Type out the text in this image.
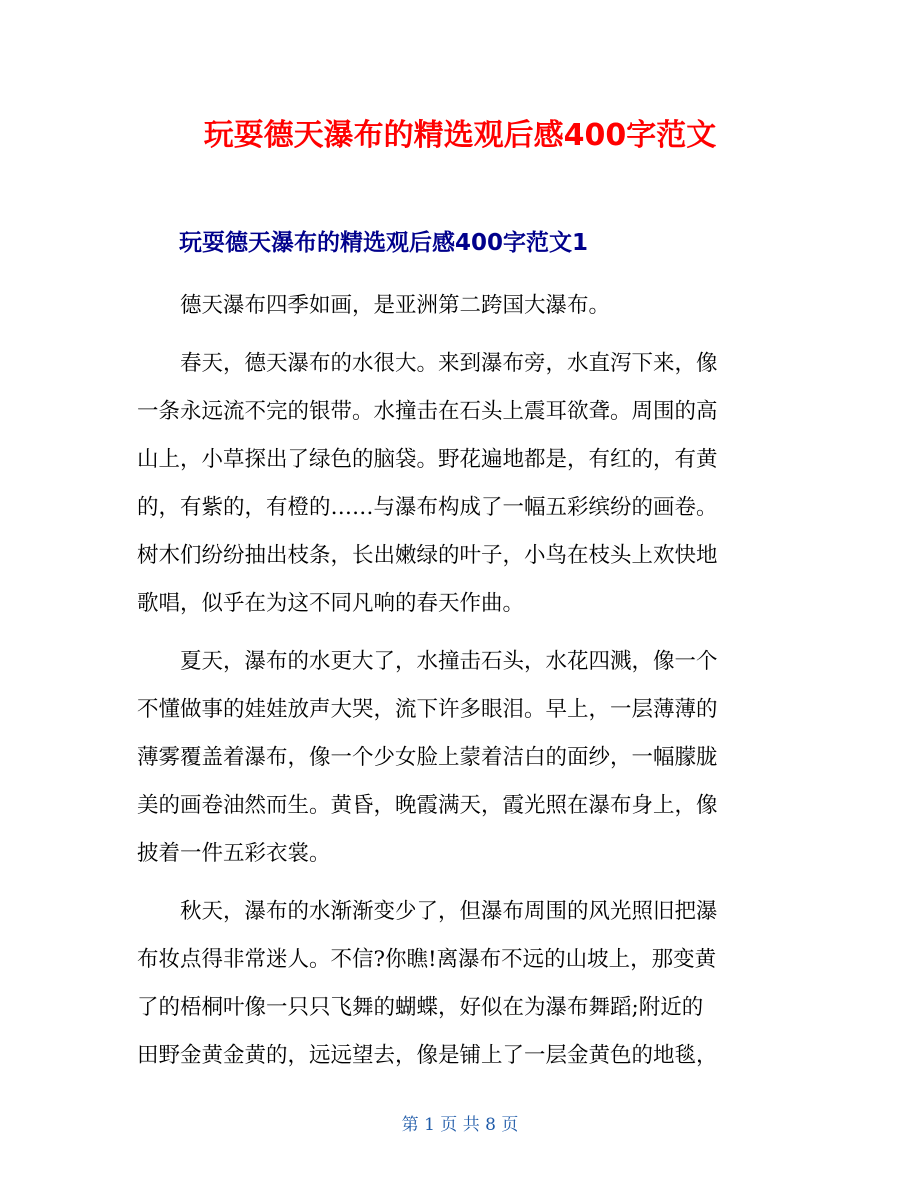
玩耍德天瀑布的精选观后感400字范文
玩耍德天瀑布的精选观后感400字范文1
德天瀑布四季如画，是亚洲第二跨国大瀑布。
春天，德天瀑布的水很大。来到瀑布旁，水直泻下来，像
一条永远流不完的银带。水撞击在石头上震耳欲聋。周围的高
山上，小草探出了绿色的脑袋。野花遍地都是，有红的，有黄
的，有紫的，有橙的……与瀑布构成了一幅五彩缤纷的画卷。
树木们纷纷抽出枝条，长出嫩绿的叶子，小鸟在枝头上欢快地
歌唱，似乎在为这不同凡响的春天作曲。
夏天，瀑布的水更大了，水撞击石头，水花四溅，像一个
不懂做事的娃娃放声大哭，流下许多眼泪。早上，一层薄薄的
薄雾覆盖着瀑布，像一个少女脸上蒙着洁白的面纱，一幅朦胧
美的画卷油然而生。黄昏，晚霞满天，霞光照在瀑布身上，像
披着一件五彩衣裳。
秋天，瀑布的水渐渐变少了，但瀑布周围的风光照旧把瀑
布妆点得非常迷人。不信?你瞧!离瀑布不远的山坡上，那变黄
了的梧桐叶像一只只飞舞的蝴蝶，好似在为瀑布舞蹈;附近的
田野金黄金黄的，远远望去，像是铺上了一层金黄色的地毯，
第 1 页 共 8 页
